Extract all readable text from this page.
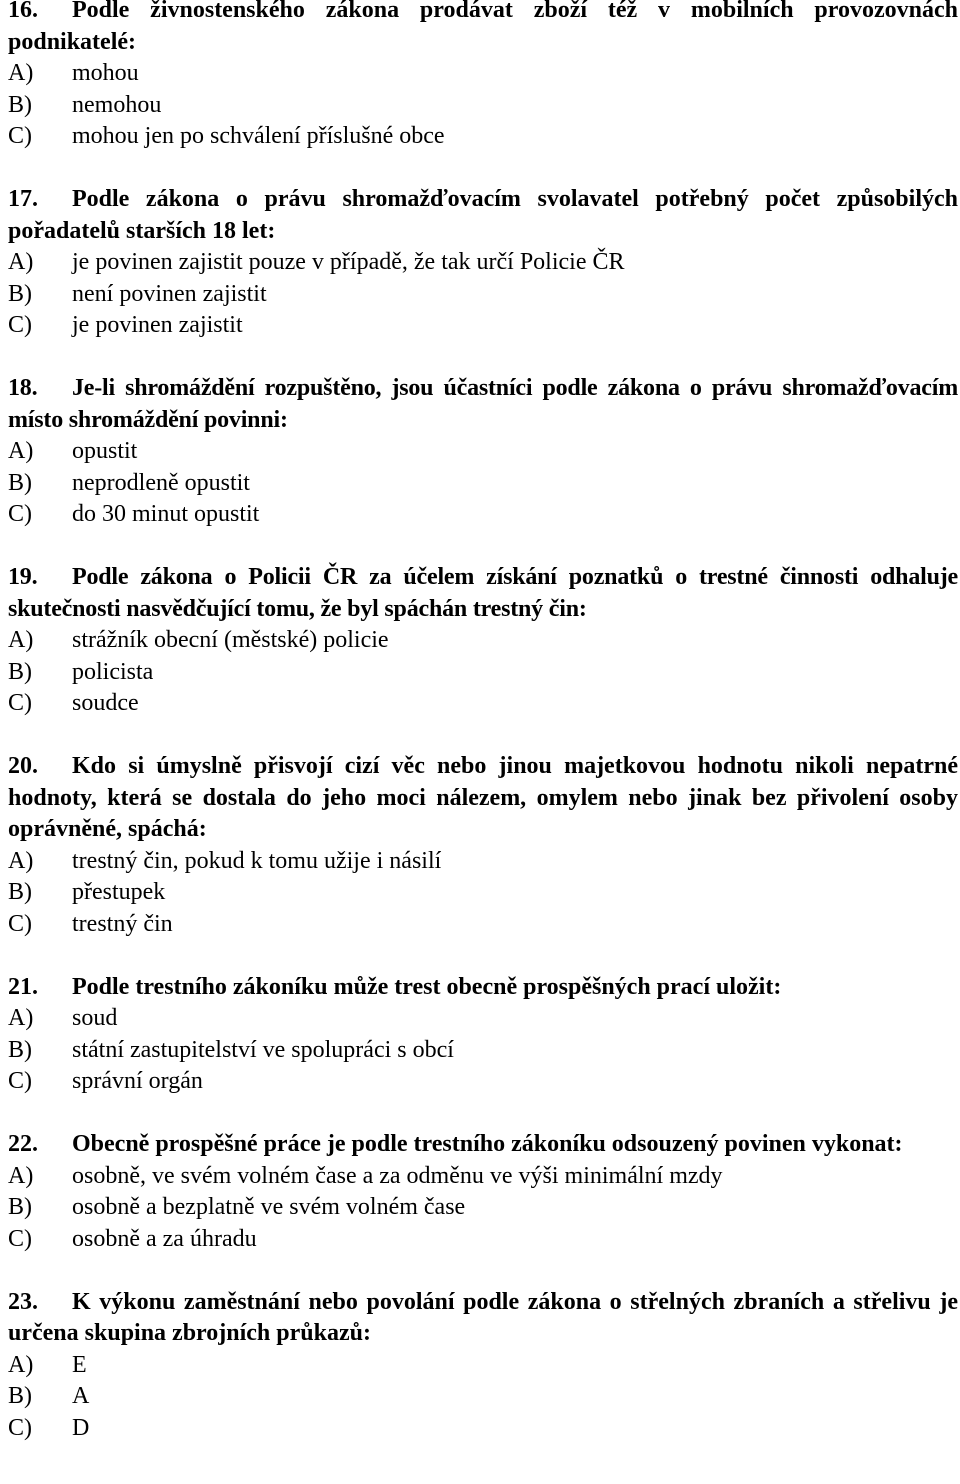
16. Podle živnostenského zákona prodávat zboží též v mobilních provozovnách podnikatelé:
A) mohou
B) nemohou
C) mohou jen po schválení příslušné obce
17. Podle zákona o právu shromažďovacím svolavatel potřebný počet způsobilých pořadatelů starších 18 let:
A) je povinen zajistit pouze v případě, že tak určí Policie ČR
B) není povinen zajistit
C) je povinen zajistit
18. Je-li shromáždění rozpuštěno, jsou účastníci podle zákona o právu shromažďovacím místo shromáždění povinni:
A) opustit
B) neprodleně opustit
C) do 30 minut opustit
19. Podle zákona o Policii ČR za účelem získání poznatků o trestné činnosti odhaluje skutečnosti nasvědčující tomu, že byl spáchán trestný čin:
A) strážník obecní (městské) policie
B) policista
C) soudce
20. Kdo si úmyslně přisvojí cizí věc nebo jinou majetkovou hodnotu nikoli nepatrné hodnoty, která se dostala do jeho moci nálezem, omylem nebo jinak bez přivolení osoby oprávněné, spáchá:
A) trestný čin, pokud k tomu užije i násilí
B) přestupek
C) trestný čin
21. Podle trestního zákoníku může trest obecně prospěšných prací uložit:
A) soud
B) státní zastupitelství ve spolupráci s obcí
C) správní orgán
22. Obecně prospěšné práce je podle trestního zákoníku odsouzený povinen vykonat:
A) osobně, ve svém volném čase a za odměnu ve výši minimální mzdy
B) osobně a bezplatně ve svém volném čase
C) osobně a za úhradu
23. K výkonu zaměstnání nebo povolání podle zákona o střelných zbraních a střelivu je určena skupina zbrojních průkazů:
A) E
B) A
C) D
